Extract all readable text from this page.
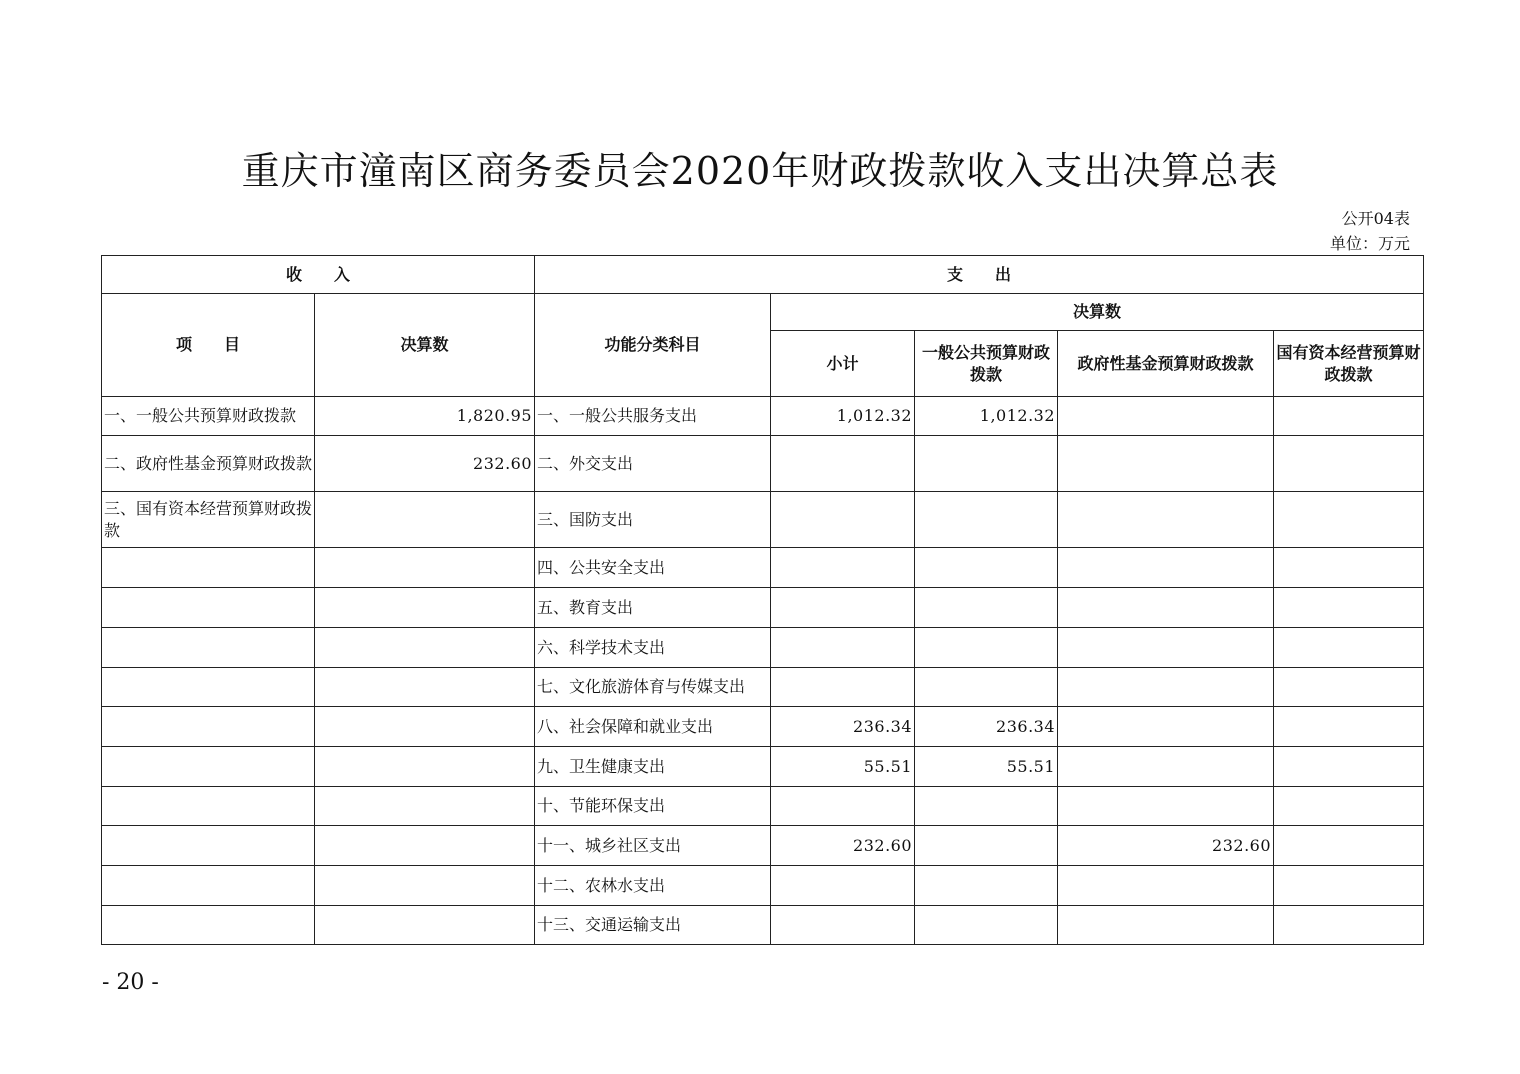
重庆市潼南区商务委员会2020年财政拨款收入支出决算总表
公开04表
单位：万元
收　　入		支　　出				
项　　目	决算数	功能分类科目	决算数			
			小计	一般公共预算财政拨款	政府性基金预算财政拨款	国有资本经营预算财政拨款
一、一般公共预算财政拨款	1,820.95	一、一般公共服务支出	1,012.32	1,012.32		
二、政府性基金预算财政拨款	232.60	二、外交支出				
三、国有资本经营预算财政拨款		三、国防支出				
		四、公共安全支出				
		五、教育支出				
		六、科学技术支出				
		七、文化旅游体育与传媒支出				
		八、社会保障和就业支出	236.34	236.34		
		九、卫生健康支出	55.51	55.51		
		十、节能环保支出				
		十一、城乡社区支出	232.60		232.60	
		十二、农林水支出				
		十三、交通运输支出				
- 20 -
